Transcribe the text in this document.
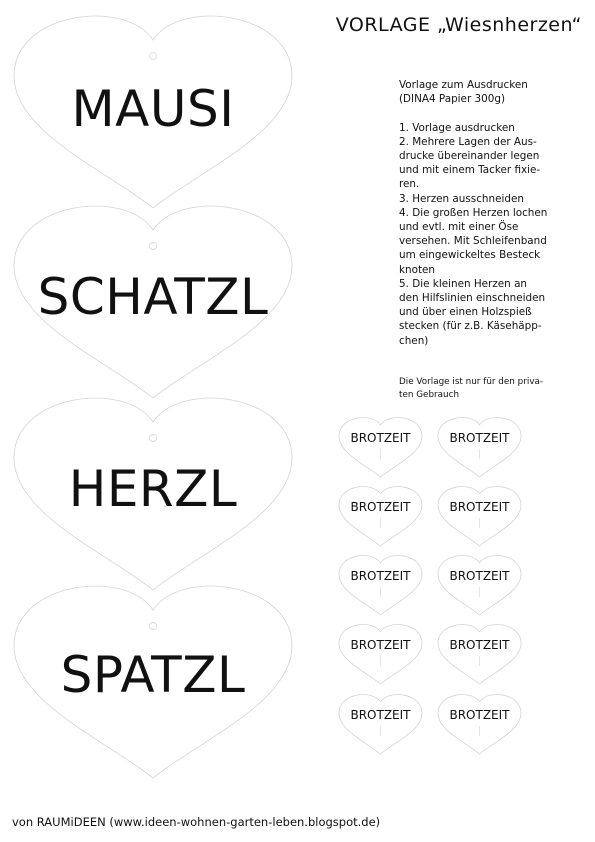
VORLAGE „Wiesnherzen“
Vorlage zum Ausdrucken
(DINA4 Papier 300g)
1. Vorlage ausdrucken
2. Mehrere Lagen der Aus-
drucke übereinander legen
und mit einem Tacker fixie-
ren.
3. Herzen ausschneiden
4. Die großen Herzen lochen
und evtl. mit einer Öse
versehen. Mit Schleifenband
um eingewickeltes Besteck
knoten
5. Die kleinen Herzen an
den Hilfslinien einschneiden
und über einen Holzspieß
stecken (für z.B. Käsehäpp-
chen)
Die Vorlage ist nur für den priva-
ten Gebrauch
MAUSI
SCHATZL
HERZL
SPATZL
BROTZEIT	BROTZEIT
BROTZEIT	BROTZEIT
BROTZEIT	BROTZEIT
BROTZEIT	BROTZEIT
BROTZEIT	BROTZEIT
von RAUMiDEEN (www.ideen-wohnen-garten-leben.blogspot.de)
